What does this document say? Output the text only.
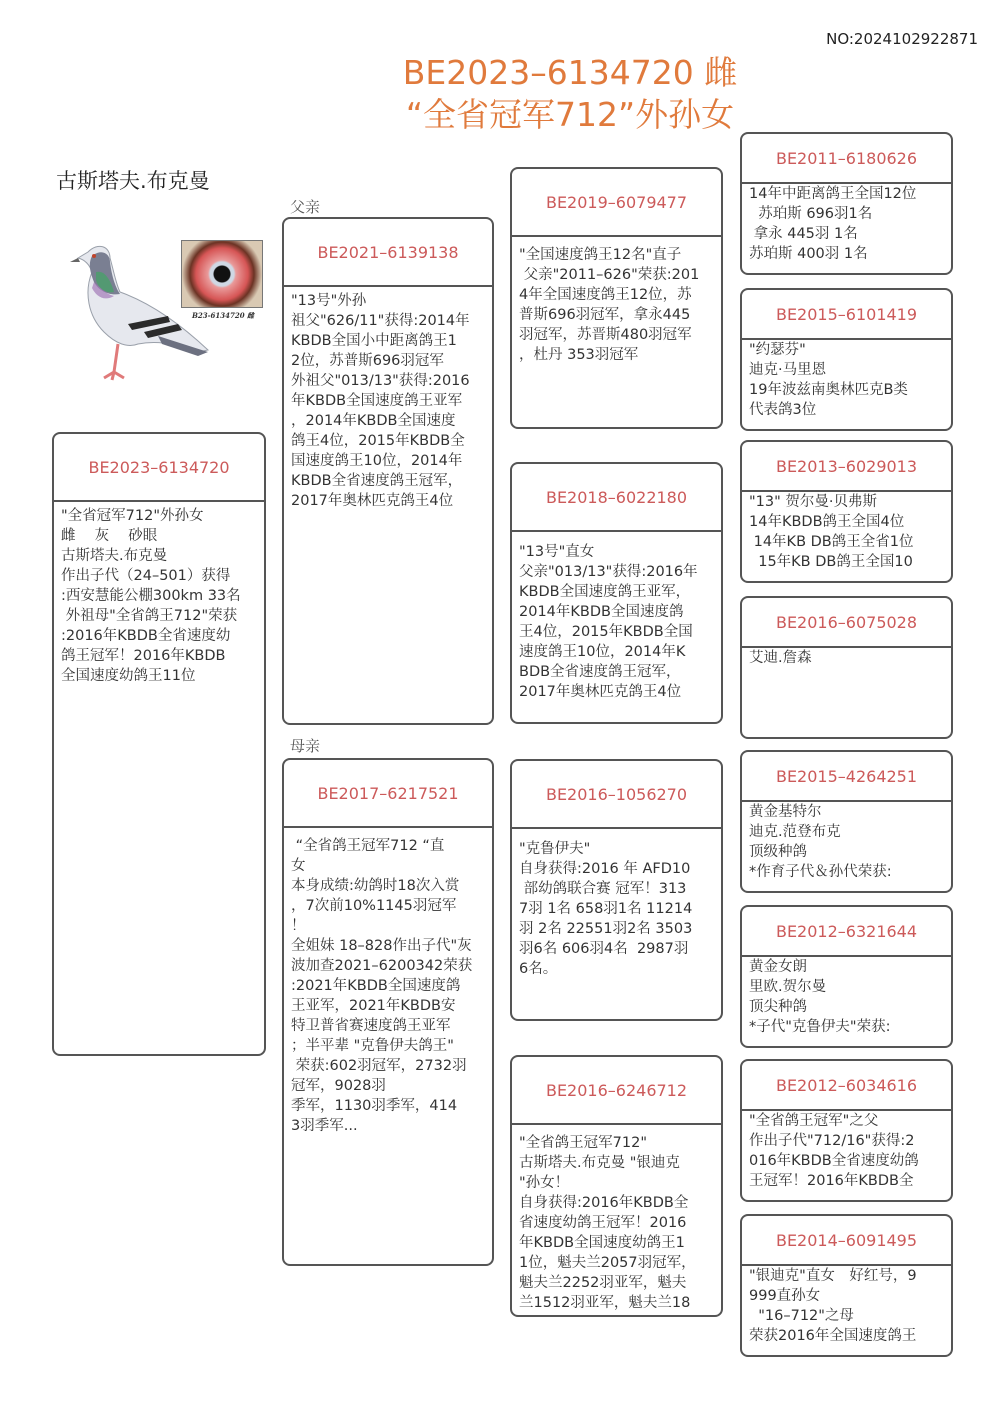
NO:2024102922871
BE2023–6134720 雌
“全省冠军712”外孙女
古斯塔夫.布克曼
B23-6134720 雌
父亲
母亲
BE2023–6134720
"全省冠军712"外孙女
雌　 灰　 砂眼
古斯塔夫.布克曼
作出子代（24–501）获得
:西安慧能公棚300km 33名
外祖母"全省鸽王712"荣获
:2016年KBDB全省速度幼
鸽王冠军！2016年KBDB
全国速度幼鸽王11位
BE2021–6139138
"13号"外孙
祖父"626/11"获得:2014年
KBDB全国小中距离鸽王1
2位，苏普斯696羽冠军
外祖父"013/13"获得:2016
年KBDB全国速度鸽王亚军
，2014年KBDB全国速度
鸽王4位，2015年KBDB全
国速度鸽王10位，2014年
KBDB全省速度鸽王冠军，
2017年奥林匹克鸽王4位
BE2017–6217521
“全省鸽王冠军712 “直
女
本身成绩:幼鸽时18次入赏
，7次前10%1145羽冠军
！
全姐妹 18–828作出子代"灰
波加查2021–6200342荣获
:2021年KBDB全国速度鸽
王亚军，2021年KBDB安
特卫普省赛速度鸽王亚军
；半平辈 "克鲁伊夫鸽王"
荣获:602羽冠军，2732羽
冠军，9028羽
季军，1130羽季军，414
3羽季军...
BE2019–6079477
"全国速度鸽王12名"直子
父亲"2011–626"荣获:201
4年全国速度鸽王12位，苏
普斯696羽冠军，拿永445
羽冠军，苏晋斯480羽冠军
，杜丹 353羽冠军
BE2018–6022180
"13号"直女
父亲"013/13"获得:2016年
KBDB全国速度鸽王亚军，
2014年KBDB全国速度鸽
王4位，2015年KBDB全国
速度鸽王10位，2014年K
BDB全省速度鸽王冠军，
2017年奥林匹克鸽王4位
BE2016–1056270
"克鲁伊夫"
自身获得:2016 年 AFD10
部幼鸽联合赛 冠军！313
7羽 1名 658羽1名 11214
羽 2名 22551羽2名 3503
羽6名 606羽4名  2987羽
6名。
BE2016–6246712
"全省鸽王冠军712"
古斯塔夫.布克曼 "银迪克
"孙女！
自身获得:2016年KBDB全
省速度幼鸽王冠军！2016
年KBDB全国速度幼鸽王1
1位，魁夫兰2057羽冠军，
魁夫兰2252羽亚军，魁夫
兰1512羽亚军，魁夫兰18
BE2011–6180626
14年中距离鸽王全国12位
苏珀斯 696羽1名
拿永 445羽 1名
苏珀斯 400羽 1名
BE2015–6101419
"约瑟芬"
迪克·马里恩
19年波兹南奥林匹克B类
代表鸽3位
BE2013–6029013
"13" 贺尔曼·贝弗斯
14年KBDB鸽王全国4位
14年KB DB鸽王全省1位
15年KB DB鸽王全国10
BE2016–6075028
艾迪.詹森
BE2015–4264251
黄金基特尔
迪克.范登布克
顶级种鸽
*作育子代＆孙代荣获:
BE2012–6321644
黄金女朗
里欧.贺尔曼
顶尖种鸽
*子代"克鲁伊夫"荣获:
BE2012–6034616
"全省鸽王冠军"之父
作出子代"712/16"获得:2
016年KBDB全省速度幼鸽
王冠军！2016年KBDB全
BE2014–6091495
"银迪克"直女　好红号，9
999直孙女
"16–712"之母
荣获2016年全国速度鸽王
